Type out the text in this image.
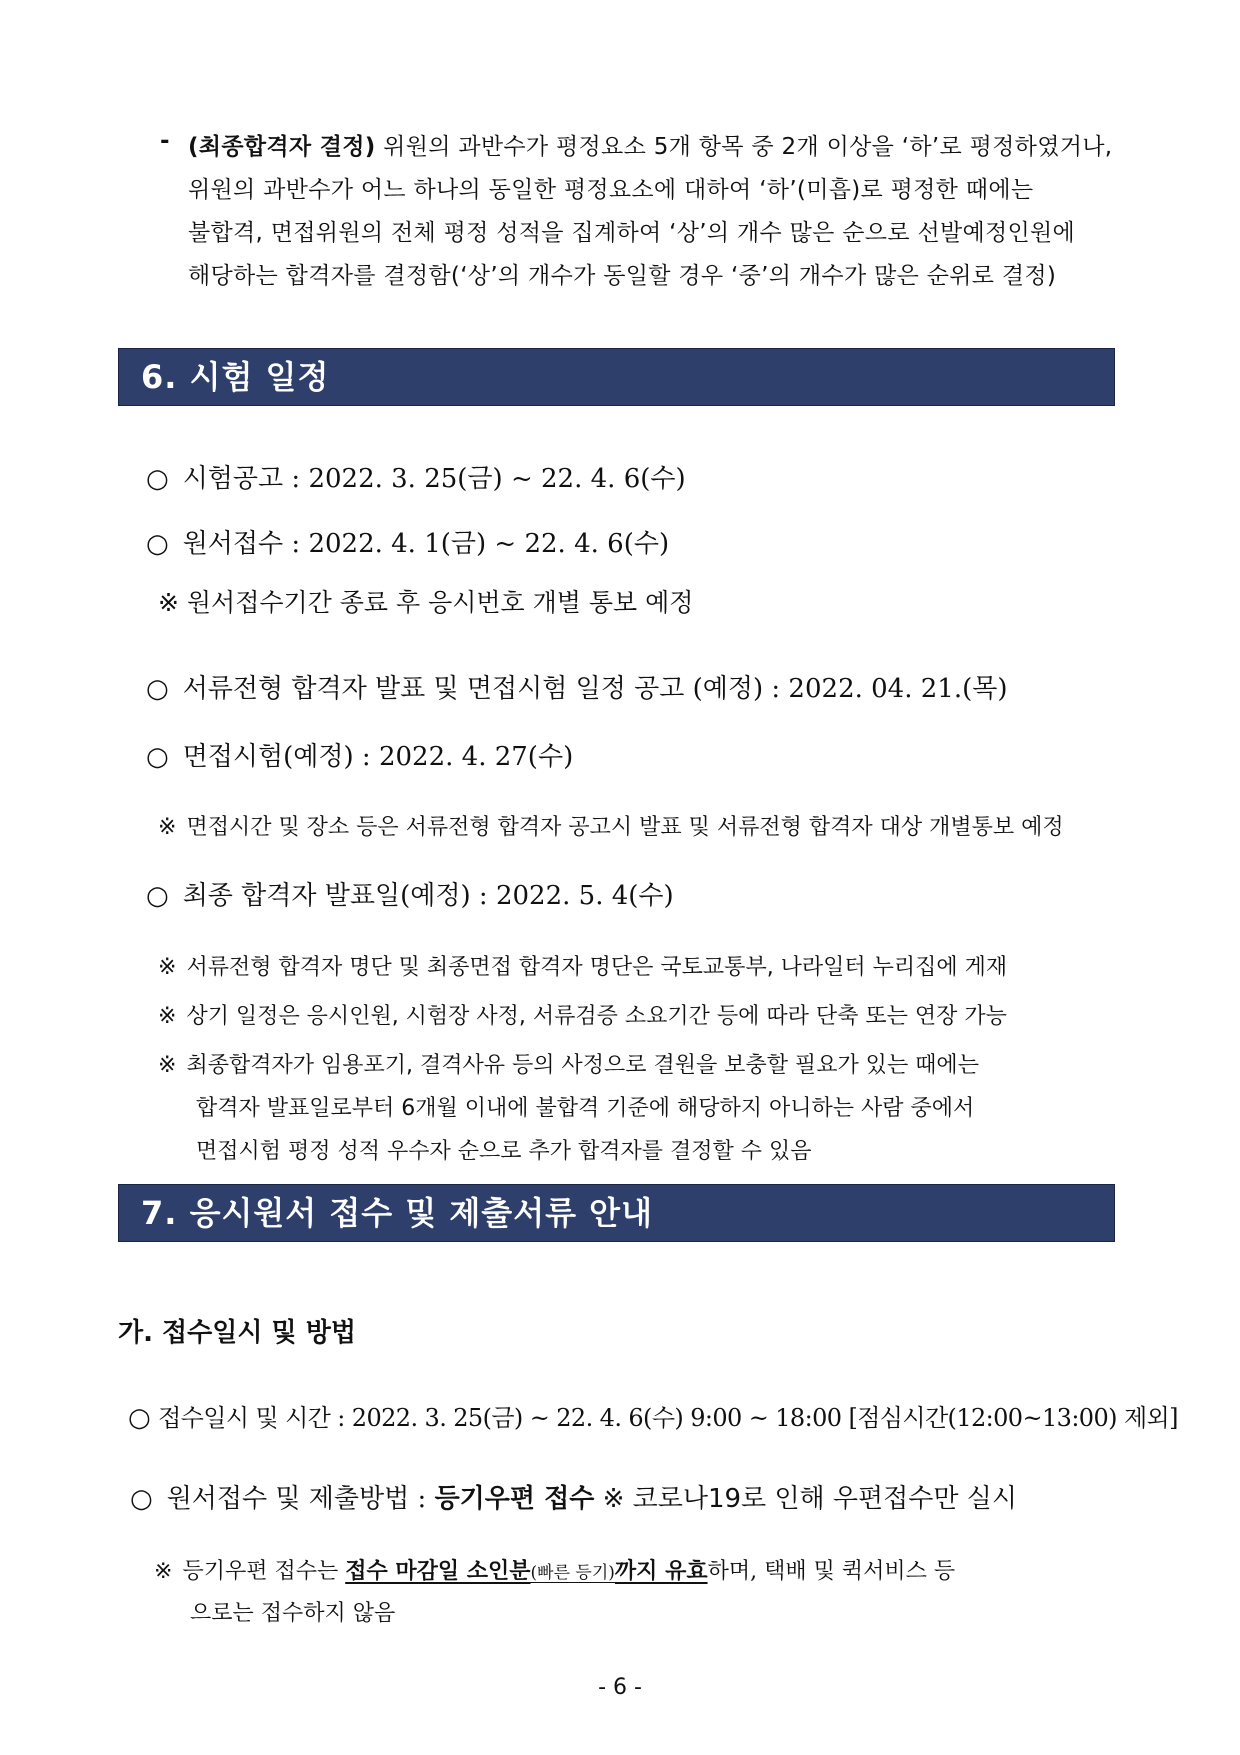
- (최종합격자 결정) 위원의 과반수가 평정요소 5개 항목 중 2개 이상을 ‘하’로 평정하였거나,
위원의 과반수가 어느 하나의 동일한 평정요소에 대하여 ‘하’(미흡)로 평정한 때에는
불합격, 면접위원의 전체 평정 성적을 집계하여 ‘상’의 개수 많은 순으로 선발예정인원에
해당하는 합격자를 결정함(‘상’의 개수가 동일할 경우 ‘중’의 개수가 많은 순위로 결정)
6. 시험 일정
○ 시험공고 : 2022. 3. 25(금) ~ 22. 4. 6(수)
○ 원서접수 : 2022. 4. 1(금) ~ 22. 4. 6(수)
※ 원서접수기간 종료 후 응시번호 개별 통보 예정
○ 서류전형 합격자 발표 및 면접시험 일정 공고 (예정) : 2022. 04. 21.(목)
○ 면접시험(예정) : 2022. 4. 27(수)
※ 면접시간 및 장소 등은 서류전형 합격자 공고시 발표 및 서류전형 합격자 대상 개별통보 예정
○ 최종 합격자 발표일(예정) : 2022. 5. 4(수)
※ 서류전형 합격자 명단 및 최종면접 합격자 명단은 국토교통부, 나라일터 누리집에 게재
※ 상기 일정은 응시인원, 시험장 사정, 서류검증 소요기간 등에 따라 단축 또는 연장 가능
※ 최종합격자가 임용포기, 결격사유 등의 사정으로 결원을 보충할 필요가 있는 때에는
합격자 발표일로부터 6개월 이내에 불합격 기준에 해당하지 아니하는 사람 중에서
면접시험 평정 성적 우수자 순으로 추가 합격자를 결정할 수 있음
7. 응시원서 접수 및 제출서류 안내
가. 접수일시 및 방법
○ 접수일시 및 시간 : 2022. 3. 25(금) ~ 22. 4. 6(수) 9:00 ~ 18:00 [점심시간(12:00~13:00) 제외]
○ 원서접수 및 제출방법 : 등기우편 접수 ※ 코로나19로 인해 우편접수만 실시
※ 등기우편 접수는 접수 마감일 소인분(빠른 등기)까지 유효하며, 택배 및 퀵서비스 등
으로는 접수하지 않음
- 6 -
